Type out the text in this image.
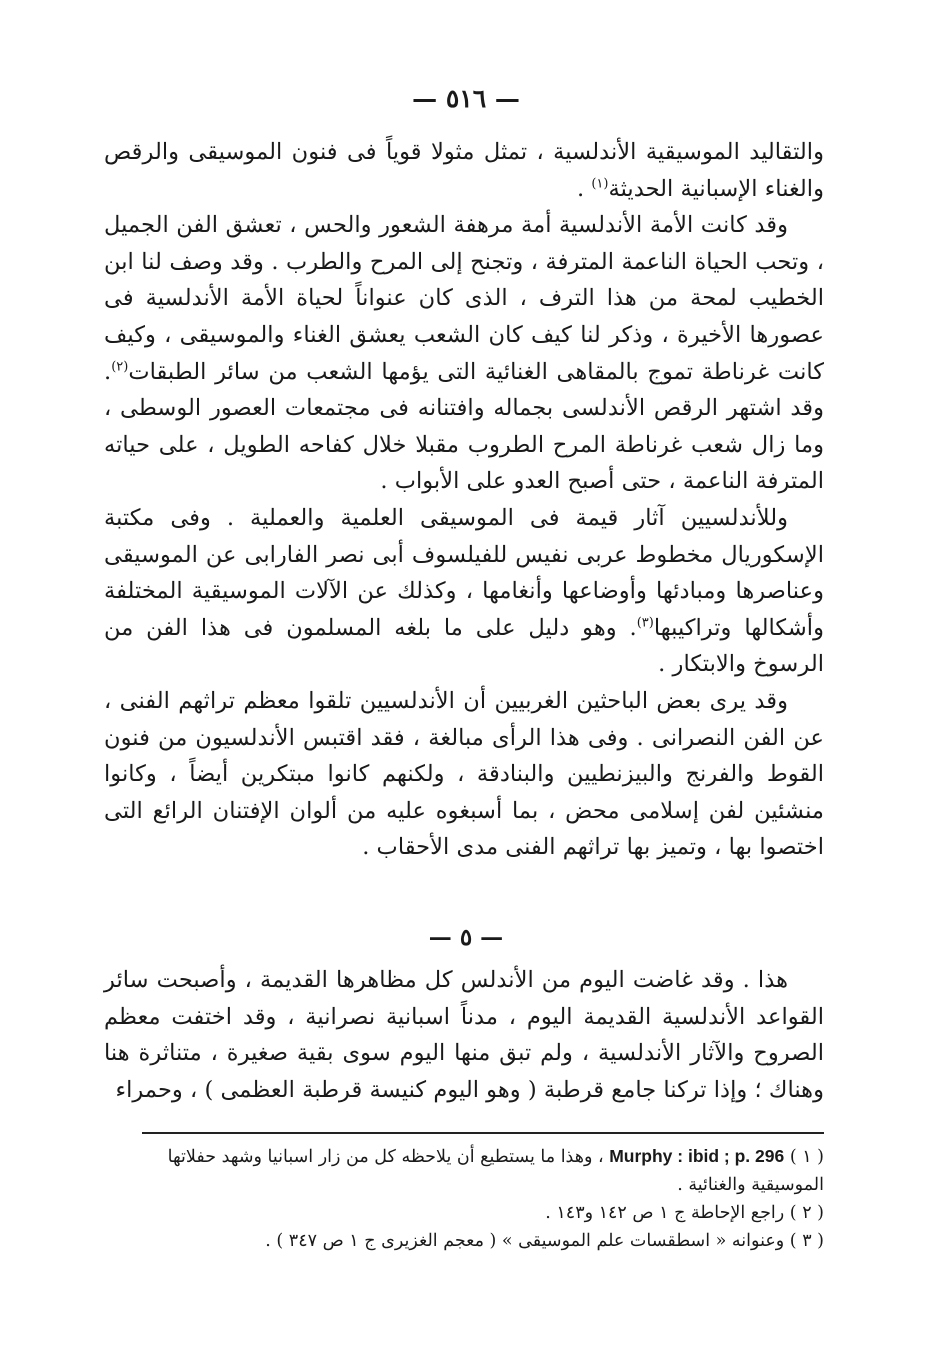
— ٥١٦ —

والتقاليد الموسيقية الأندلسية ، تمثل مثولا قوياً فى فنون الموسيقى والرقص والغناء الإسبانية الحديثة$^{(١)}$ .

وقد كانت الأمة الأندلسية أمة مرهفة الشعور والحس ، تعشق الفن الجميل ، وتحب الحياة الناعمة المترفة ، وتجنح إلى المرح والطرب . وقد وصف لنا ابن الخطيب لمحة من هذا الترف ، الذى كان عنواناً لحياة الأمة الأندلسية فى عصورها الأخيرة ، وذكر لنا كيف كان الشعب يعشق الغناء والموسيقى ، وكيف كانت غرناطة تموج بالمقاهى الغنائية التى يؤمها الشعب من سائر الطبقات$^{(٢)}$. وقد اشتهر الرقص الأندلسى بجماله وافتنانه فى مجتمعات العصور الوسطى ، وما زال شعب غرناطة المرح الطروب مقبلا خلال كفاحه الطويل ، على حياته المترفة الناعمة ، حتى أصبح العدو على الأبواب .

وللأندلسيين آثار قيمة فى الموسيقى العلمية والعملية . وفى مكتبة الإسكوريال مخطوط عربى نفيس للفيلسوف أبى نصر الفارابى عن الموسيقى وعناصرها ومبادئها وأوضاعها وأنغامها ، وكذلك عن الآلات الموسيقية المختلفة وأشكالها وتراكيبها$^{(٣)}$. وهو دليل على ما بلغه المسلمون فى هذا الفن من الرسوخ والابتكار .

وقد يرى بعض الباحثين الغربيين أن الأندلسيين تلقوا معظم تراثهم الفنى ، عن الفن النصرانى . وفى هذا الرأى مبالغة ، فقد اقتبس الأندلسيون من فنون القوط والفرنج والبيزنطيين والبنادقة ، ولكنهم كانوا مبتكرين أيضاً ، وكانوا منشئين لفن إسلامى محض ، بما أسبغوه عليه من ألوان الإفتنان الرائع التى اختصوا بها ، وتميز بها تراثهم الفنى مدى الأحقاب .

— ٥ —

هذا . وقد غاضت اليوم من الأندلس كل مظاهرها القديمة ، وأصبحت سائر القواعد الأندلسية القديمة اليوم ، مدناً اسبانية نصرانية ، وقد اختفت معظم الصروح والآثار الأندلسية ، ولم تبق منها اليوم سوى بقية صغيرة ، متناثرة هنا وهناك ؛ وإذا تركنا جامع قرطبة ( وهو اليوم كنيسة قرطبة العظمى ) ، وحمراء

( ١ ) Murphy : ibid ; p. 296 ، وهذا ما يستطيع أن يلاحظه كل من زار اسبانيا وشهد حفلاتها الموسيقية والغنائية .

( ٢ ) راجع الإحاطة ج ١ ص ١٤٢ و١٤٣ .

( ٣ ) وعنوانه « اسطقسات علم الموسيقى » ( معجم الغزيرى ج ١ ص ٣٤٧ ) .
